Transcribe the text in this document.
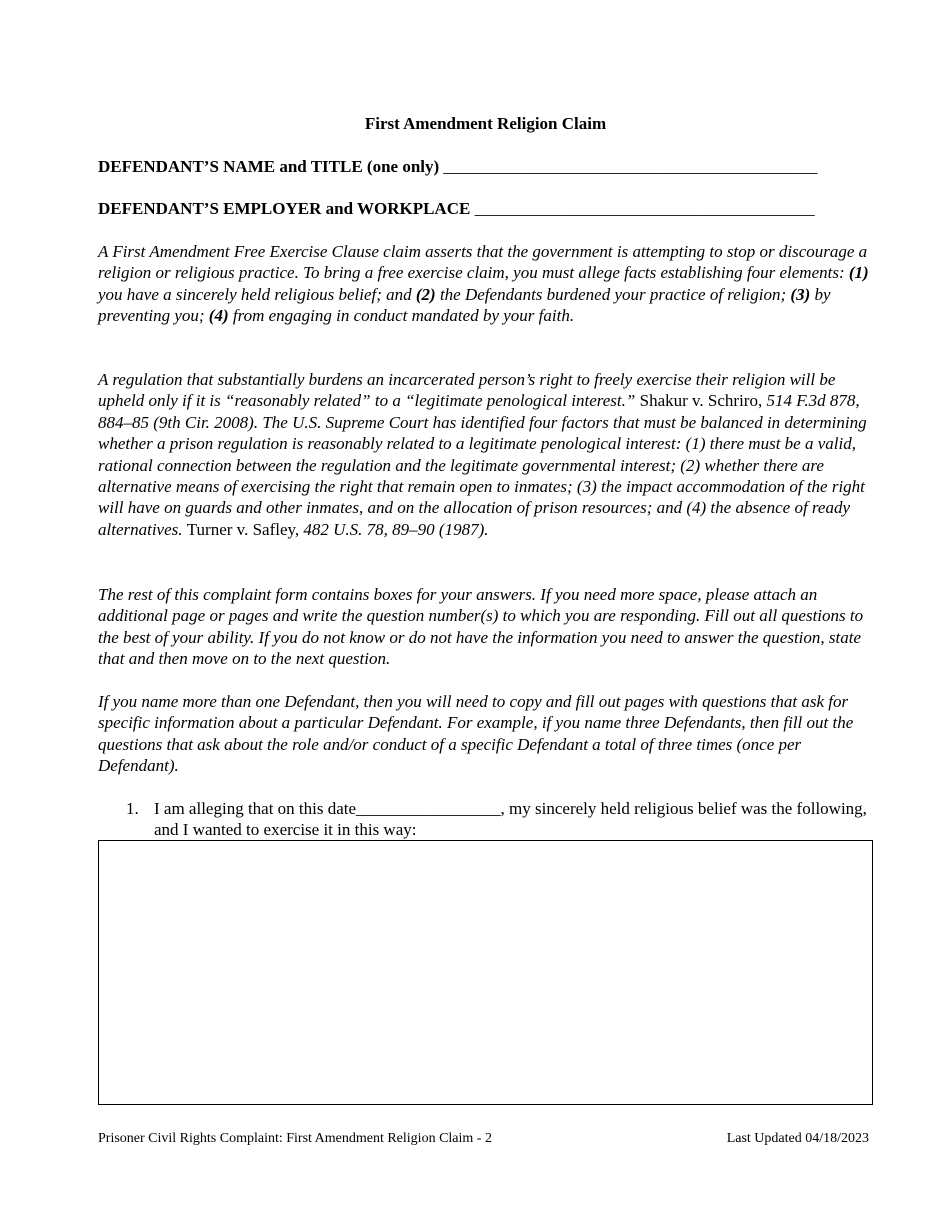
First Amendment Religion Claim
DEFENDANT’S NAME and TITLE (one only) ____________________________________________
DEFENDANT’S EMPLOYER and WORKPLACE ________________________________________

A First Amendment Free Exercise Clause claim asserts that the government is attempting to stop or discourage a religion or religious practice. To bring a free exercise claim, you must allege facts establishing four elements: (1) you have a sincerely held religious belief; and (2) the Defendants burdened your practice of religion; (3) by preventing you; (4) from engaging in conduct mandated by your faith.

A regulation that substantially burdens an incarcerated person’s right to freely exercise their religion will be upheld only if it is “reasonably related” to a “legitimate penological interest.” Shakur v. Schriro, 514 F.3d 878, 884–85 (9th Cir. 2008). The U.S. Supreme Court has identified four factors that must be balanced in determining whether a prison regulation is reasonably related to a legitimate penological interest: (1) there must be a valid, rational connection between the regulation and the legitimate governmental interest; (2) whether there are alternative means of exercising the right that remain open to inmates; (3) the impact accommodation of the right will have on guards and other inmates, and on the allocation of prison resources; and (4) the absence of ready alternatives. Turner v. Safley, 482 U.S. 78, 89–90 (1987).

The rest of this complaint form contains boxes for your answers. If you need more space, please attach an additional page or pages and write the question number(s) to which you are responding. Fill out all questions to the best of your ability. If you do not know or do not have the information you need to answer the question, state that and then move on to the next question.

If you name more than one Defendant, then you will need to copy and fill out pages with questions that ask for specific information about a particular Defendant. For example, if you name three Defendants, then fill out the questions that ask about the role and/or conduct of a specific Defendant a total of three times (once per Defendant).

1. I am alleging that on this date_________________, my sincerely held religious belief was the following, and I wanted to exercise it in this way:
Prisoner Civil Rights Complaint: First Amendment Religion Claim - 2	Last Updated 04/18/2023
